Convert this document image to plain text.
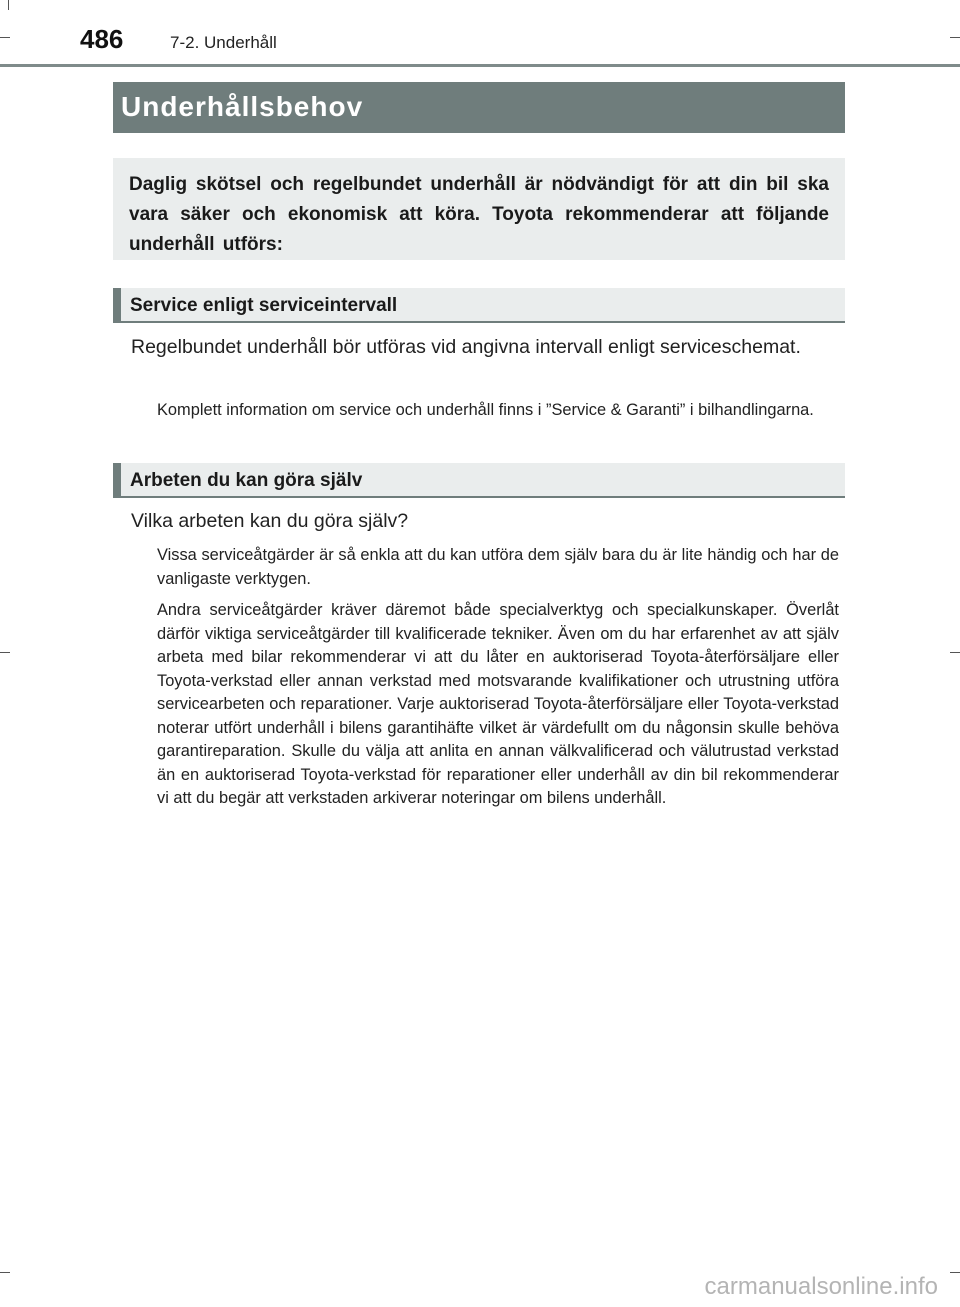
486	7-2. Underhåll
Underhållsbehov

Daglig skötsel och regelbundet underhåll är nödvändigt för att din bil ska vara säker och ekonomisk att köra. Toyota rekommenderar att följande underhåll utförs:

Service enligt serviceintervall

Regelbundet underhåll bör utföras vid angivna intervall enligt serviceschemat.

Komplett information om service och underhåll finns i ”Service & Garanti” i bilhandlingarna.

Arbeten du kan göra själv

Vilka arbeten kan du göra själv?

Vissa serviceåtgärder är så enkla att du kan utföra dem själv bara du är lite händig och har de vanligaste verktygen.

Andra serviceåtgärder kräver däremot både specialverktyg och specialkunskaper. Överlåt därför viktiga serviceåtgärder till kvalificerade tekniker. Även om du har erfarenhet av att själv arbeta med bilar rekommenderar vi att du låter en auktoriserad Toyota-återförsäljare eller Toyota-verkstad eller annan verkstad med motsvarande kvalifikationer och utrustning utföra servicearbeten och reparationer. Varje auktoriserad Toyota-återförsäljare eller Toyota-verkstad noterar utfört underhåll i bilens garantihäfte vilket är värdefullt om du någonsin skulle behöva garantireparation. Skulle du välja att anlita en annan välkvalificerad och välutrustad verkstad än en auktoriserad Toyota-verkstad för reparationer eller underhåll av din bil rekommenderar vi att du begär att verkstaden arkiverar noteringar om bilens underhåll.

carmanualsonline.info
